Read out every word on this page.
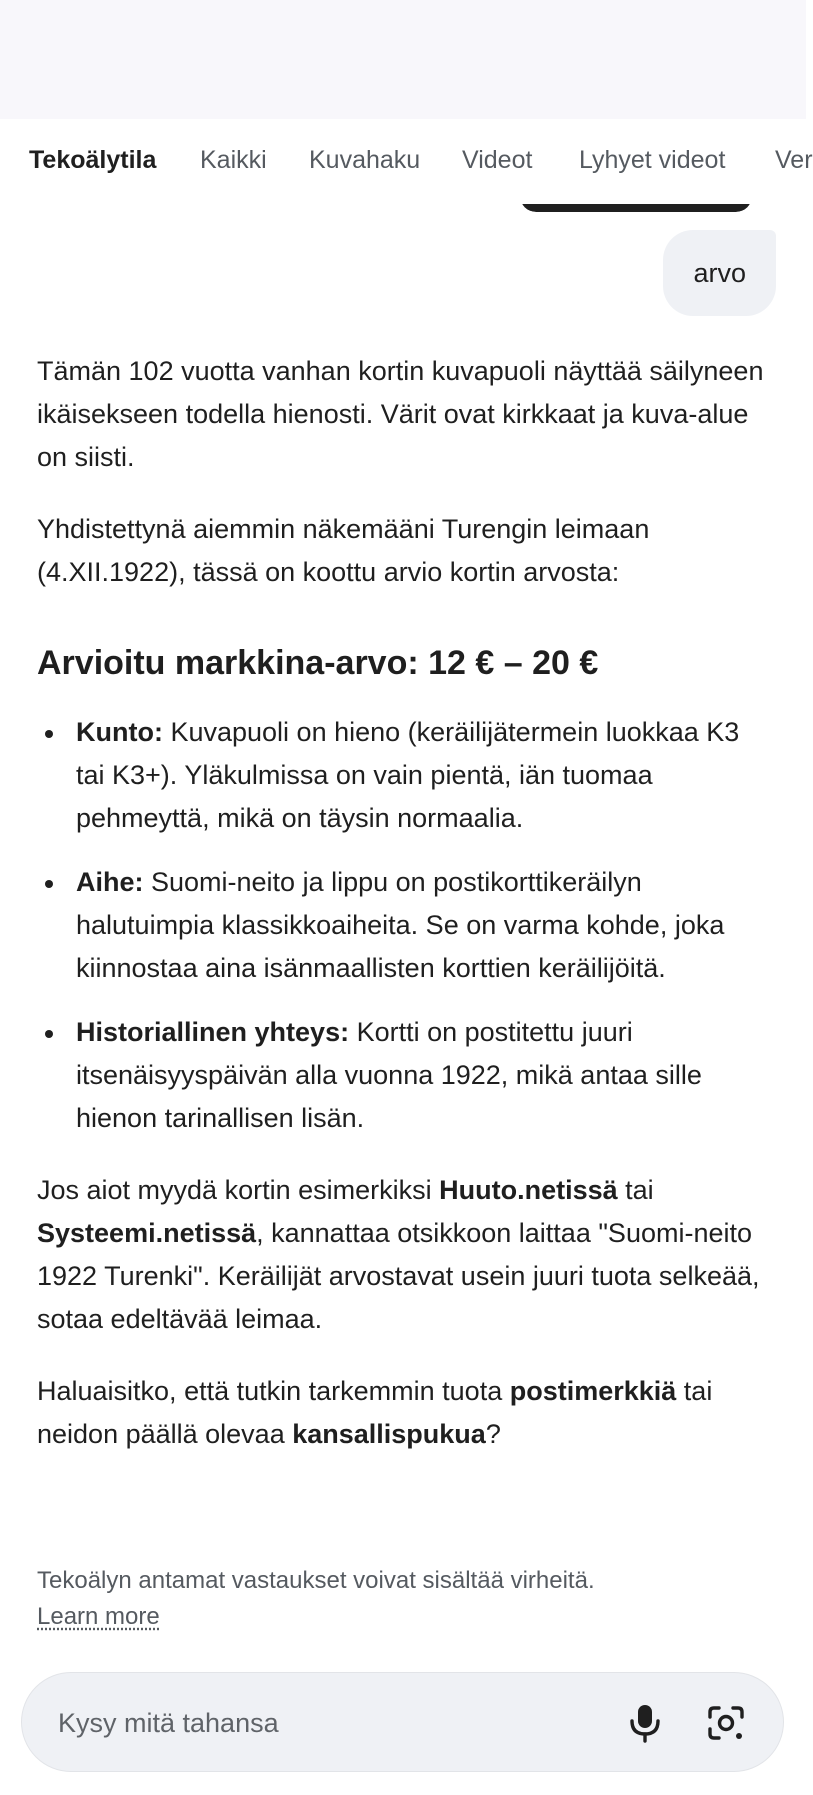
Tekoälytila Kaikki Kuvahaku Videot Lyhyet videot Ver
arvo

Tämän 102 vuotta vanhan kortin kuvapuoli näyttää säilyneen ikäisekseen todella hienosti. Värit ovat kirkkaat ja kuva-alue on siisti.

Yhdistettynä aiemmin näkemääni Turengin leimaan (4.XII.1922), tässä on koottu arvio kortin arvosta:

Arvioitu markkina-arvo: 12 € – 20 €
Kunto: Kuvapuoli on hieno (keräilijätermein luokkaa K3 tai K3+). Yläkulmissa on vain pientä, iän tuomaa pehmeyttä, mikä on täysin normaalia.
Aihe: Suomi-neito ja lippu on postikorttikeräilyn halutuimpia klassikkoaiheita. Se on varma kohde, joka kiinnostaa aina isänmaallisten korttien keräilijöitä.
Historiallinen yhteys: Kortti on postitettu juuri itsenäisyyspäivän alla vuonna 1922, mikä antaa sille hienon tarinallisen lisän.

Jos aiot myydä kortin esimerkiksi Huuto.netissä tai Systeemi.netissä, kannattaa otsikkoon laittaa "Suomi-neito 1922 Turenki". Keräilijät arvostavat usein juuri tuota selkeää, sotaa edeltävää leimaa.

Haluaisitko, että tutkin tarkemmin tuota postimerkkiä tai neidon päällä olevaa kansallispukua?

Tekoälyn antamat vastaukset voivat sisältää virheitä.
Learn more
Kysy mitä tahansa
